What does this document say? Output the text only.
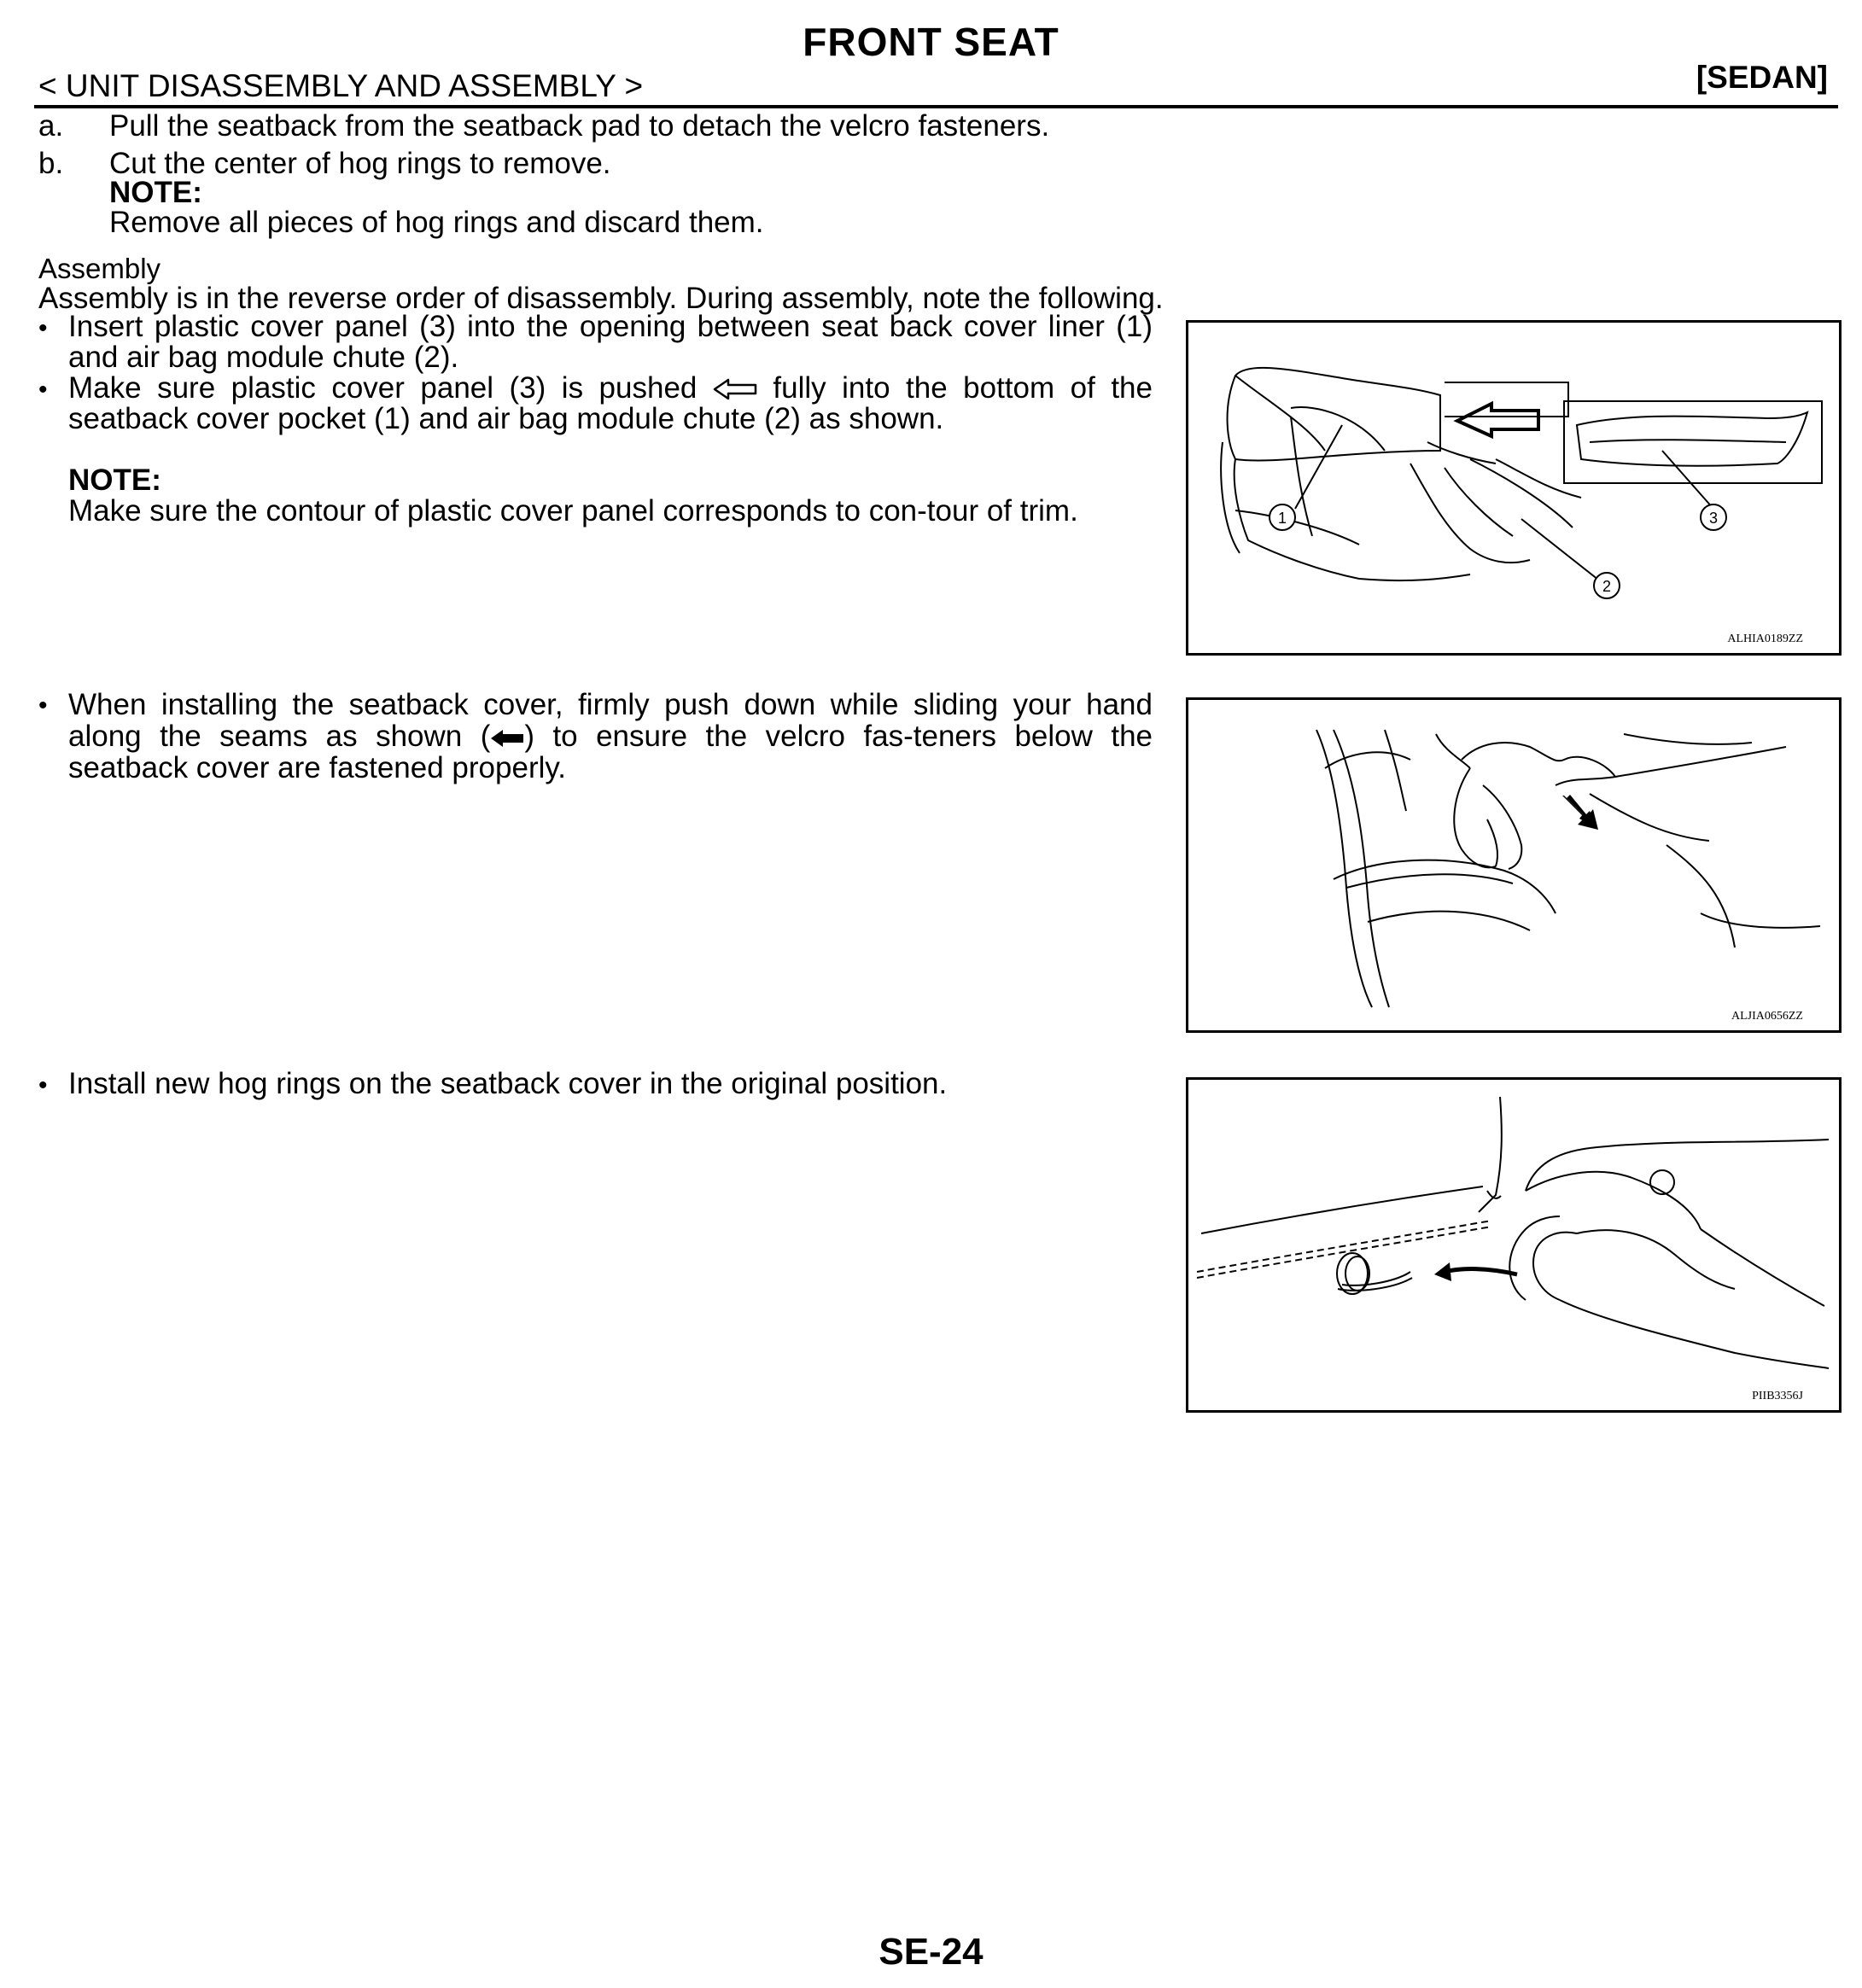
FRONT SEAT
< UNIT DISASSEMBLY AND ASSEMBLY >	[SEDAN]
a. Pull the seatback from the seatback pad to detach the velcro fasteners.
b. Cut the center of hog rings to remove.
NOTE:
Remove all pieces of hog rings and discard them.
Assembly
Assembly is in the reverse order of disassembly. During assembly, note the following.
• Insert plastic cover panel (3) into the opening between seat back cover liner (1) and air bag module chute (2).
• Make sure plastic cover panel (3) is pushed	fully into the bottom of the seatback cover pocket (1) and air bag module chute (2) as shown.
NOTE:
Make sure the contour of plastic cover panel corresponds to con-tour of trim.
• When installing the seatback cover, firmly push down while sliding your hand along the seams as shown ( ) to ensure the velcro fas-teners below the seatback cover are fastened properly.
• Install new hog rings on the seatback cover in the original position.
1
2
3
ALHIA0189ZZ
ALJIA0656ZZ
PIIB3356J
SE-24
